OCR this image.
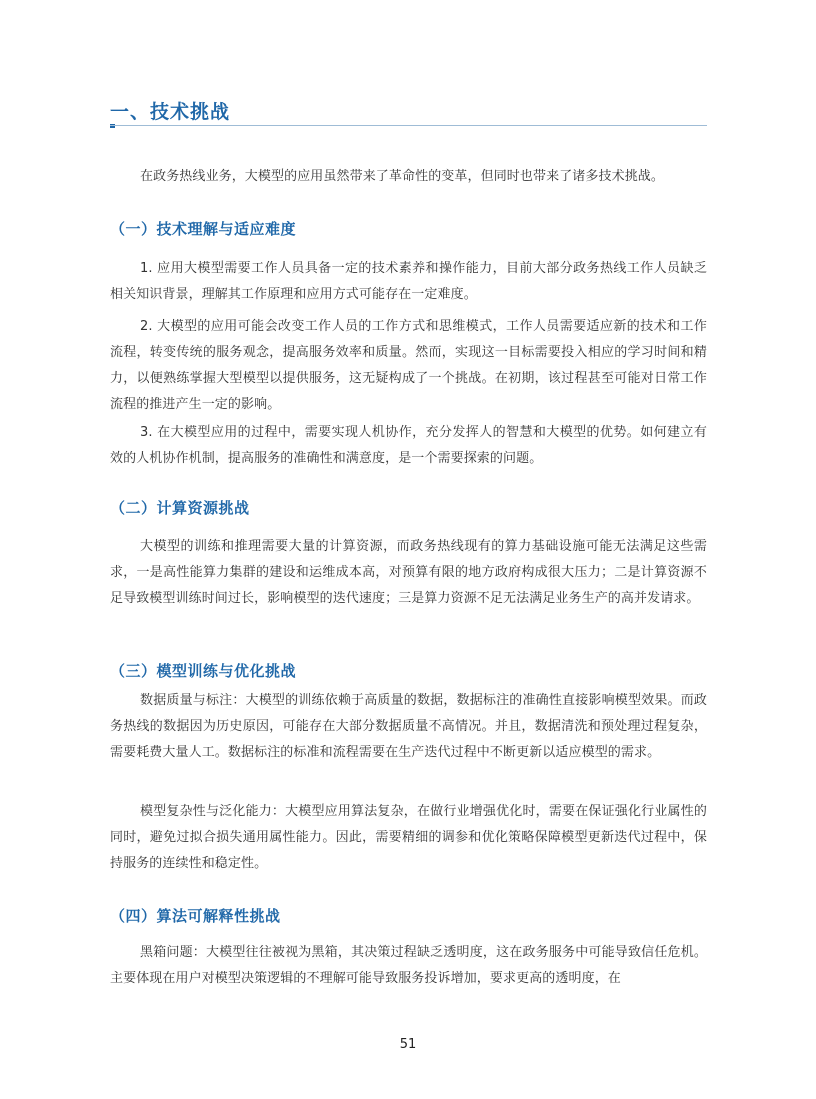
一、技术挑战

在政务热线业务，大模型的应用虽然带来了革命性的变革，但同时也带来了诸多技术挑战。

（一）技术理解与适应难度

1. 应用大模型需要工作人员具备一定的技术素养和操作能力，目前大部分政务热线工作人员缺乏相关知识背景，理解其工作原理和应用方式可能存在一定难度。

2. 大模型的应用可能会改变工作人员的工作方式和思维模式，工作人员需要适应新的技术和工作流程，转变传统的服务观念，提高服务效率和质量。然而，实现这一目标需要投入相应的学习时间和精力，以便熟练掌握大型模型以提供服务，这无疑构成了一个挑战。在初期，该过程甚至可能对日常工作流程的推进产生一定的影响。

3. 在大模型应用的过程中，需要实现人机协作，充分发挥人的智慧和大模型的优势。如何建立有效的人机协作机制，提高服务的准确性和满意度，是一个需要探索的问题。

（二）计算资源挑战

大模型的训练和推理需要大量的计算资源，而政务热线现有的算力基础设施可能无法满足这些需求，一是高性能算力集群的建设和运维成本高，对预算有限的地方政府构成很大压力；二是计算资源不足导致模型训练时间过长，影响模型的迭代速度；三是算力资源不足无法满足业务生产的高并发请求。

（三）模型训练与优化挑战

数据质量与标注：大模型的训练依赖于高质量的数据，数据标注的准确性直接影响模型效果。而政务热线的数据因为历史原因，可能存在大部分数据质量不高情况。并且，数据清洗和预处理过程复杂，需要耗费大量人工。数据标注的标准和流程需要在生产迭代过程中不断更新以适应模型的需求。

模型复杂性与泛化能力：大模型应用算法复杂，在做行业增强优化时，需要在保证强化行业属性的同时，避免过拟合损失通用属性能力。因此，需要精细的调参和优化策略保障模型更新迭代过程中，保持服务的连续性和稳定性。

（四）算法可解释性挑战

黑箱问题：大模型往往被视为黑箱，其决策过程缺乏透明度，这在政务服务中可能导致信任危机。主要体现在用户对模型决策逻辑的不理解可能导致服务投诉增加，要求更高的透明度，在

51
